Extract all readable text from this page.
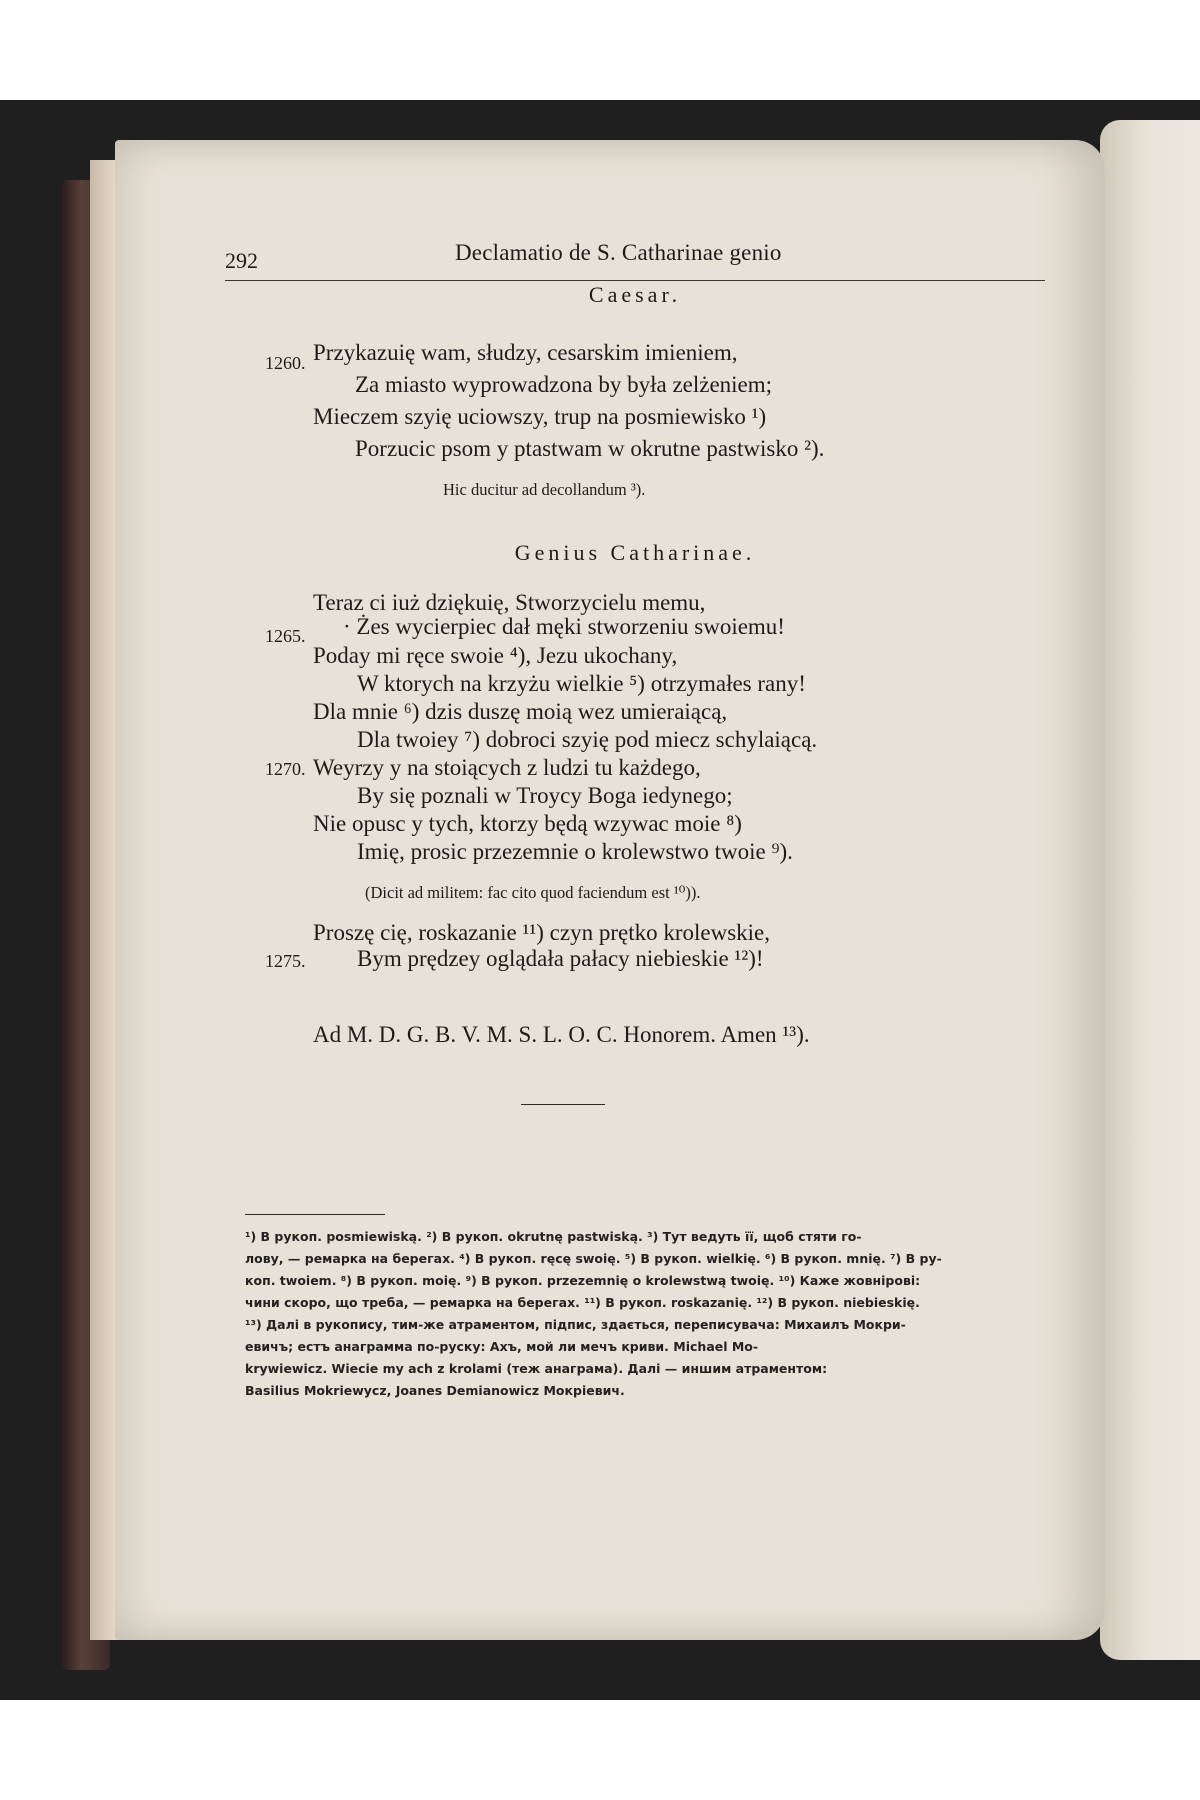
292	Declamatio de S. Catharinae genio
Caesar.
1260. Przykazuię wam, słudzy, cesarskim imieniem,
Za miasto wyprowadzona by była zelżeniem;
Mieczem szyię uciowszy, trup na posmiewisko ¹)
Porzucic psom y ptastwam w okrutne pastwisko ²).
Hic ducitur ad decollandum ³).
Genius Catharinae.
Teraz ci iuż dziękuię, Stworzycielu memu,
1265. · Żes wycierpiec dał męki stworzeniu swoiemu!
Poday mi ręce swoie ⁴), Jezu ukochany,
W ktorych na krzyżu wielkie ⁵) otrzymałes rany!
Dla mnie ⁶) dzis duszę moią wez umieraiącą,
Dla twoiey ⁷) dobroci szyię pod miecz schylaiącą.
1270. Weyrzy y na stoiących z ludzi tu każdego,
By się poznali w Troycy Boga iedynego;
Nie opusc y tych, ktorzy będą wzywac moie ⁸)
Imię, prosic przezemnie o krolewstwo twoie ⁹).
(Dicit ad militem: fac cito quod faciendum est ¹⁰)).
Proszę cię, roskazanie ¹¹) czyn prętko krolewskie,
1275. Bym prędzey oglądała pałacy niebieskie ¹²)!
Ad M. D. G. B. V. M. S. L. O. C. Honorem. Amen ¹³).
¹) В рукоп. posmiewiską. ²) В рукоп. okrutnę pastwiską. ³) Тут ведуть її, щоб стяти го-
лову, — ремарка на берегах. ⁴) В рукоп. ręcę swoię. ⁵) В рукоп. wielkię. ⁶) В рукоп. mnię. ⁷) В ру-
коп. twoiem. ⁸) В рукоп. moię. ⁹) В рукоп. przezemnię o krolewstwą twoię. ¹⁰) Каже жовнірові:
чини скоро, що треба, — ремарка на берегах. ¹¹) В рукоп. roskazanię. ¹²) В рукоп. niebieskię.
¹³) Далі в рукопису, тим-же атраментом, підпис, здається, переписувача: Михаилъ Мокри-
евичъ; естъ анаграмма по-руску: Ахъ, мой ли мечъ криви. Michael Mo-
krywiewicz. Wiecie my ach z krolami (теж анаграма). Далі — иншим атраментом:
Basilius Mokriewycz, Joanes Demianowicz Мокріевич.
